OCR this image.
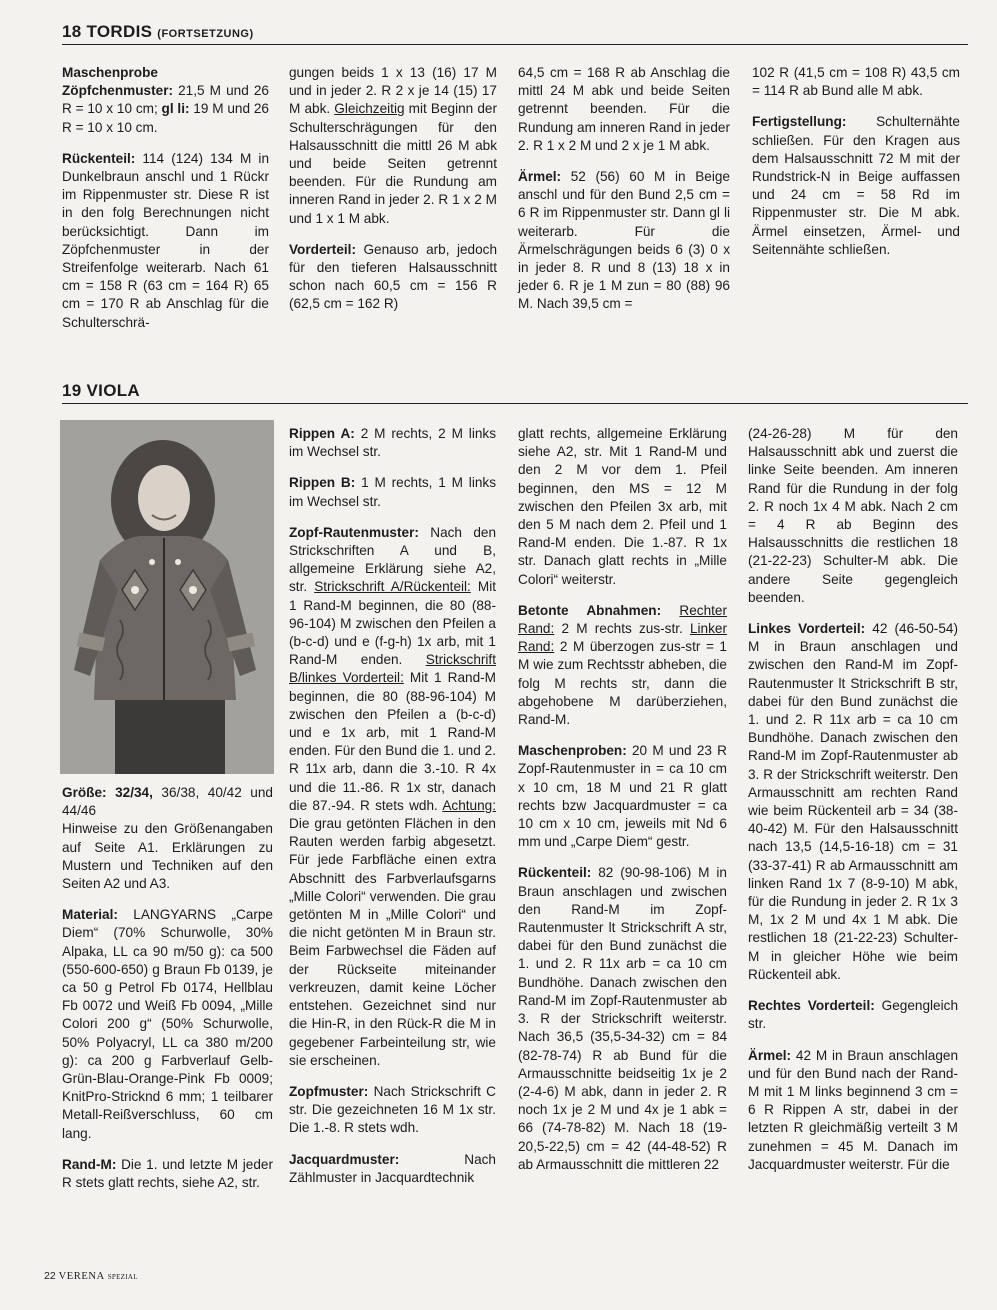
18 TORDIS (FORTSETZUNG)

Maschenprobe Zöpfchenmuster: 21,5 M und 26 R = 10 x 10 cm; gl li: 19 M und 26 R = 10 x 10 cm.

Rückenteil: 114 (124) 134 M in Dunkelbraun anschl und 1 Rückr im Rippenmuster str. Diese R ist in den folg Berechnungen nicht berücksichtigt. Dann im Zöpfchenmuster in der Streifenfolge weiterarb. Nach 61 cm = 158 R (63 cm = 164 R) 65 cm = 170 R ab Anschlag für die Schulterschrä-

gungen beids 1 x 13 (16) 17 M und in jeder 2. R 2 x je 14 (15) 17 M abk. Gleichzeitig mit Beginn der Schulterschrägungen für den Halsausschnitt die mittl 26 M abk und beide Seiten getrennt beenden. Für die Rundung am inneren Rand in jeder 2. R 1 x 2 M und 1 x 1 M abk.

Vorderteil: Genauso arb, jedoch für den tieferen Halsausschnitt schon nach 60,5 cm = 156 R (62,5 cm = 162 R)

64,5 cm = 168 R ab Anschlag die mittl 24 M abk und beide Seiten getrennt beenden. Für die Rundung am inneren Rand in jeder 2. R 1 x 2 M und 2 x je 1 M abk.

Ärmel: 52 (56) 60 M in Beige anschl und für den Bund 2,5 cm = 6 R im Rippenmuster str. Dann gl li weiterarb. Für die Ärmelschrägungen beids 6 (3) 0 x in jeder 8. R und 8 (13) 18 x in jeder 6. R je 1 M zun = 80 (88) 96 M. Nach 39,5 cm =

102 R (41,5 cm = 108 R) 43,5 cm = 114 R ab Bund alle M abk.

Fertigstellung: Schulternähte schließen. Für den Kragen aus dem Halsausschnitt 72 M mit der Rundstrick-N in Beige auffassen und 24 cm = 58 Rd im Rippenmuster str. Die M abk. Ärmel einsetzen, Ärmel- und Seitennähte schließen.

19 VIOLA

Größe: 32/34, 36/38, 40/42 und 44/46
Hinweise zu den Größenangaben auf Seite A1. Erklärungen zu Mustern und Techniken auf den Seiten A2 und A3.

Material: LANGYARNS „Carpe Diem“ (70% Schurwolle, 30% Alpaka, LL ca 90 m/50 g): ca 500 (550-600-650) g Braun Fb 0139, je ca 50 g Petrol Fb 0174, Hellblau Fb 0072 und Weiß Fb 0094, „Mille Colori 200 g“ (50% Schurwolle, 50% Polyacryl, LL ca 380 m/200 g): ca 200 g Farbverlauf Gelb-Grün-Blau-Orange-Pink Fb 0009; KnitPro-Stricknd 6 mm; 1 teilbarer Metall-Reißverschluss, 60 cm lang.

Rand-M: Die 1. und letzte M jeder R stets glatt rechts, siehe A2, str.

Rippen A: 2 M rechts, 2 M links im Wechsel str.

Rippen B: 1 M rechts, 1 M links im Wechsel str.

Zopf-Rautenmuster: Nach den Strickschriften A und B, allgemeine Erklärung siehe A2, str. Strickschrift A/Rückenteil: Mit 1 Rand-M beginnen, die 80 (88-96-104) M zwischen den Pfeilen a (b-c-d) und e (f-g-h) 1x arb, mit 1 Rand-M enden. Strickschrift B/linkes Vorderteil: Mit 1 Rand-M beginnen, die 80 (88-96-104) M zwischen den Pfeilen a (b-c-d) und e 1x arb, mit 1 Rand-M enden. Für den Bund die 1. und 2. R 11x arb, dann die 3.-10. R 4x und die 11.-86. R 1x str, danach die 87.-94. R stets wdh. Achtung: Die grau getönten Flächen in den Rauten werden farbig abgesetzt. Für jede Farbfläche einen extra Abschnitt des Farbverlaufsgarns „Mille Colori“ verwenden. Die grau getönten M in „Mille Colori“ und die nicht getönten M in Braun str. Beim Farbwechsel die Fäden auf der Rückseite miteinander verkreuzen, damit keine Löcher entstehen. Gezeichnet sind nur die Hin-R, in den Rück-R die M in gegebener Farbeinteilung str, wie sie erscheinen.

Zopfmuster: Nach Strickschrift C str. Die gezeichneten 16 M 1x str. Die 1.-8. R stets wdh.

Jacquardmuster: Nach Zählmuster in Jacquardtechnik

glatt rechts, allgemeine Erklärung siehe A2, str. Mit 1 Rand-M und den 2 M vor dem 1. Pfeil beginnen, den MS = 12 M zwischen den Pfeilen 3x arb, mit den 5 M nach dem 2. Pfeil und 1 Rand-M enden. Die 1.-87. R 1x str. Danach glatt rechts in „Mille Colori“ weiterstr.

Betonte Abnahmen: Rechter Rand: 2 M rechts zus-str. Linker Rand: 2 M überzogen zus-str = 1 M wie zum Rechtsstr abheben, die folg M rechts str, dann die abgehobene M darüberziehen, Rand-M.

Maschenproben: 20 M und 23 R Zopf-Rautenmuster in = ca 10 cm x 10 cm, 18 M und 21 R glatt rechts bzw Jacquardmuster = ca 10 cm x 10 cm, jeweils mit Nd 6 mm und „Carpe Diem“ gestr.

Rückenteil: 82 (90-98-106) M in Braun anschlagen und zwischen den Rand-M im Zopf-Rautenmuster lt Strickschrift A str, dabei für den Bund zunächst die 1. und 2. R 11x arb = ca 10 cm Bundhöhe. Danach zwischen den Rand-M im Zopf-Rautenmuster ab 3. R der Strickschrift weiterstr. Nach 36,5 (35,5-34-32) cm = 84 (82-78-74) R ab Bund für die Armausschnitte beidseitig 1x je 2 (2-4-6) M abk, dann in jeder 2. R noch 1x je 2 M und 4x je 1 abk = 66 (74-78-82) M. Nach 18 (19-20,5-22,5) cm = 42 (44-48-52) R ab Armausschnitt die mittleren 22

(24-26-28) M für den Halsausschnitt abk und zuerst die linke Seite beenden. Am inneren Rand für die Rundung in der folg 2. R noch 1x 4 M abk. Nach 2 cm = 4 R ab Beginn des Halsausschnitts die restlichen 18 (21-22-23) Schulter-M abk. Die andere Seite gegengleich beenden.

Linkes Vorderteil: 42 (46-50-54) M in Braun anschlagen und zwischen den Rand-M im Zopf-Rautenmuster lt Strickschrift B str, dabei für den Bund zunächst die 1. und 2. R 11x arb = ca 10 cm Bundhöhe. Danach zwischen den Rand-M im Zopf-Rautenmuster ab 3. R der Strickschrift weiterstr. Den Armausschnitt am rechten Rand wie beim Rückenteil arb = 34 (38-40-42) M. Für den Halsausschnitt nach 13,5 (14,5-16-18) cm = 31 (33-37-41) R ab Armausschnitt am linken Rand 1x 7 (8-9-10) M abk, für die Rundung in jeder 2. R 1x 3 M, 1x 2 M und 4x 1 M abk. Die restlichen 18 (21-22-23) Schulter-M in gleicher Höhe wie beim Rückenteil abk.

Rechtes Vorderteil: Gegengleich str.

Ärmel: 42 M in Braun anschlagen und für den Bund nach der Rand-M mit 1 M links beginnend 3 cm = 6 R Rippen A str, dabei in der letzten R gleichmäßig verteilt 3 M zunehmen = 45 M. Danach im Jacquardmuster weiterstr. Für die

22 VERENA SPEZIAL
